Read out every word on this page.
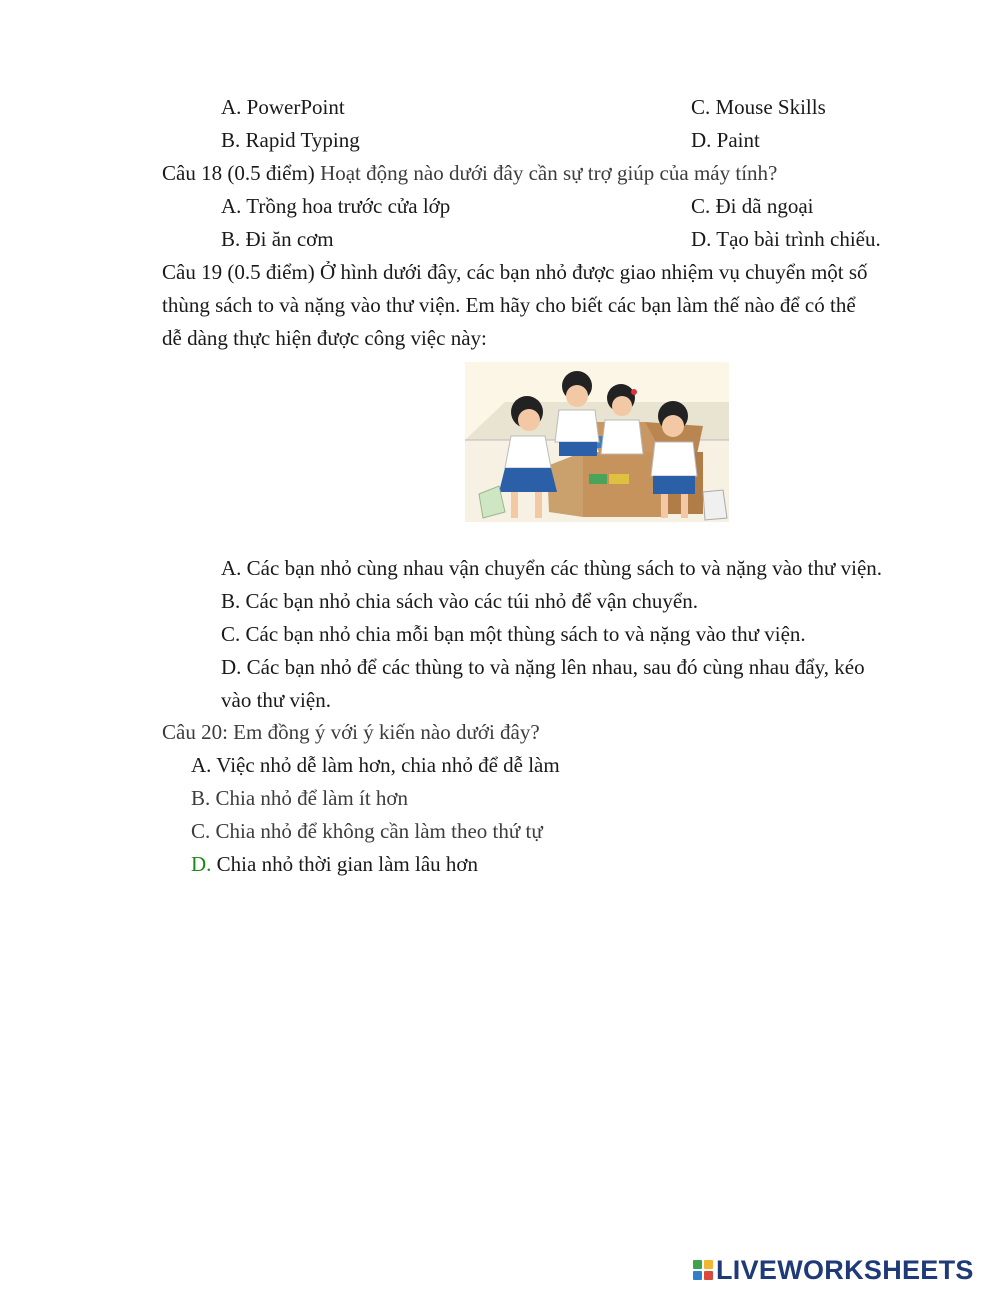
A. PowerPoint	C. Mouse Skills
B. Rapid Typing	D. Paint
Câu 18 (0.5 điểm) Hoạt động nào dưới đây cần sự trợ giúp của máy tính?
A. Trồng hoa trước cửa lớp	C. Đi dã ngoại
B. Đi ăn cơm	D. Tạo bài trình chiếu.
Câu 19 (0.5 điểm) Ở hình dưới đây, các bạn nhỏ được giao nhiệm vụ chuyển một số
thùng sách to và nặng vào thư viện. Em hãy cho biết các bạn làm thế nào để có thể
dễ dàng thực hiện được công việc này:
A. Các bạn nhỏ cùng nhau vận chuyển các thùng sách to và nặng vào thư viện.
B. Các bạn nhỏ chia sách vào các túi nhỏ để vận chuyển.
C. Các bạn nhỏ chia mỗi bạn một thùng sách to và nặng vào thư viện.
D. Các bạn nhỏ để các thùng to và nặng lên nhau, sau đó cùng nhau đẩy, kéo
vào thư viện.
Câu 20: Em đồng ý với ý kiến nào dưới đây?
A. Việc nhỏ dễ làm hơn, chia nhỏ để dễ làm
B. Chia nhỏ để làm ít hơn
C. Chia nhỏ để không cần làm theo thứ tự
D. Chia nhỏ thời gian làm lâu hơn
LIVEWORKSHEETS
